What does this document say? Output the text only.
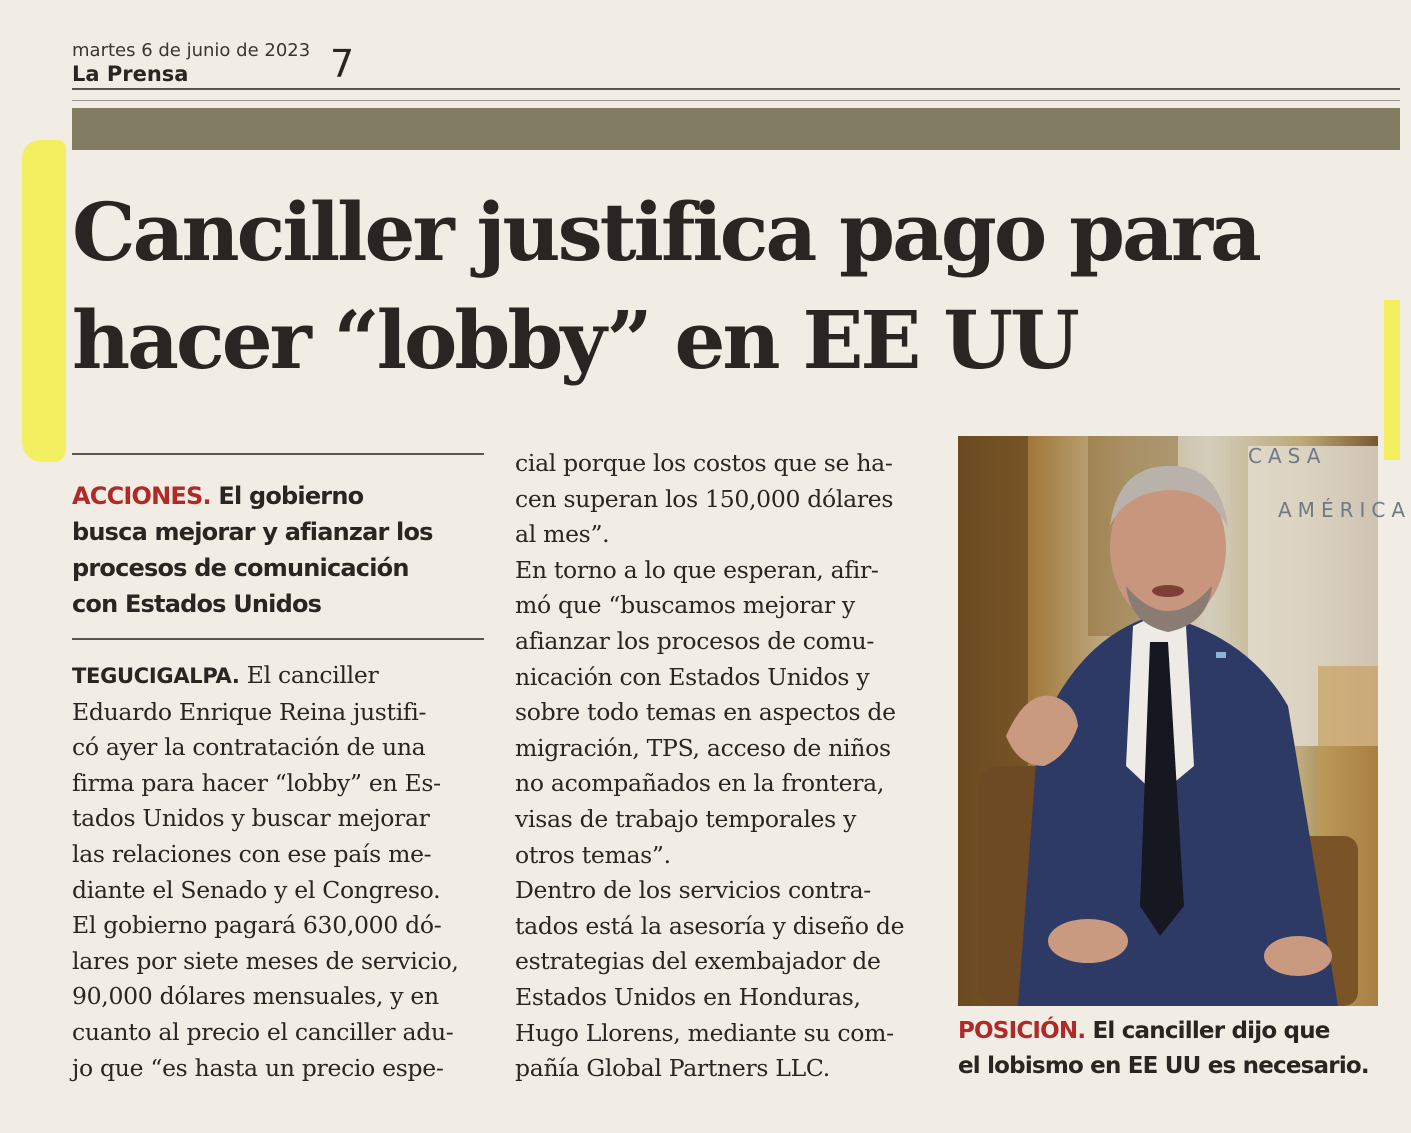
martes 6 de junio de 2023
La Prensa	7
Canciller justifica pago para
hacer “lobby” en EE UU
ACCIONES. El gobierno
busca mejorar y afianzar los
procesos de comunicación
con Estados Unidos
TEGUCIGALPA. El canciller
Eduardo Enrique Reina justifi-
có ayer la contratación de una
firma para hacer “lobby” en Es-
tados Unidos y buscar mejorar
las relaciones con ese país me-
diante el Senado y el Congreso.
El gobierno pagará 630,000 dó-
lares por siete meses de servicio,
90,000 dólares mensuales, y en
cuanto al precio el canciller adu-
jo que “es hasta un precio espe-
cial porque los costos que se ha-
cen superan los 150,000 dólares
al mes”.
En torno a lo que esperan, afir-
mó que “buscamos mejorar y
afianzar los procesos de comu-
nicación con Estados Unidos y
sobre todo temas en aspectos de
migración, TPS, acceso de niños
no acompañados en la frontera,
visas de trabajo temporales y
otros temas”.
Dentro de los servicios contra-
tados está la asesoría y diseño de
estrategias del exembajador de
Estados Unidos en Honduras,
Hugo Llorens, mediante su com-
pañía Global Partners LLC.
CASA
AMÉRICA
POSICIÓN. El canciller dijo que
el lobismo en EE UU es necesario.
